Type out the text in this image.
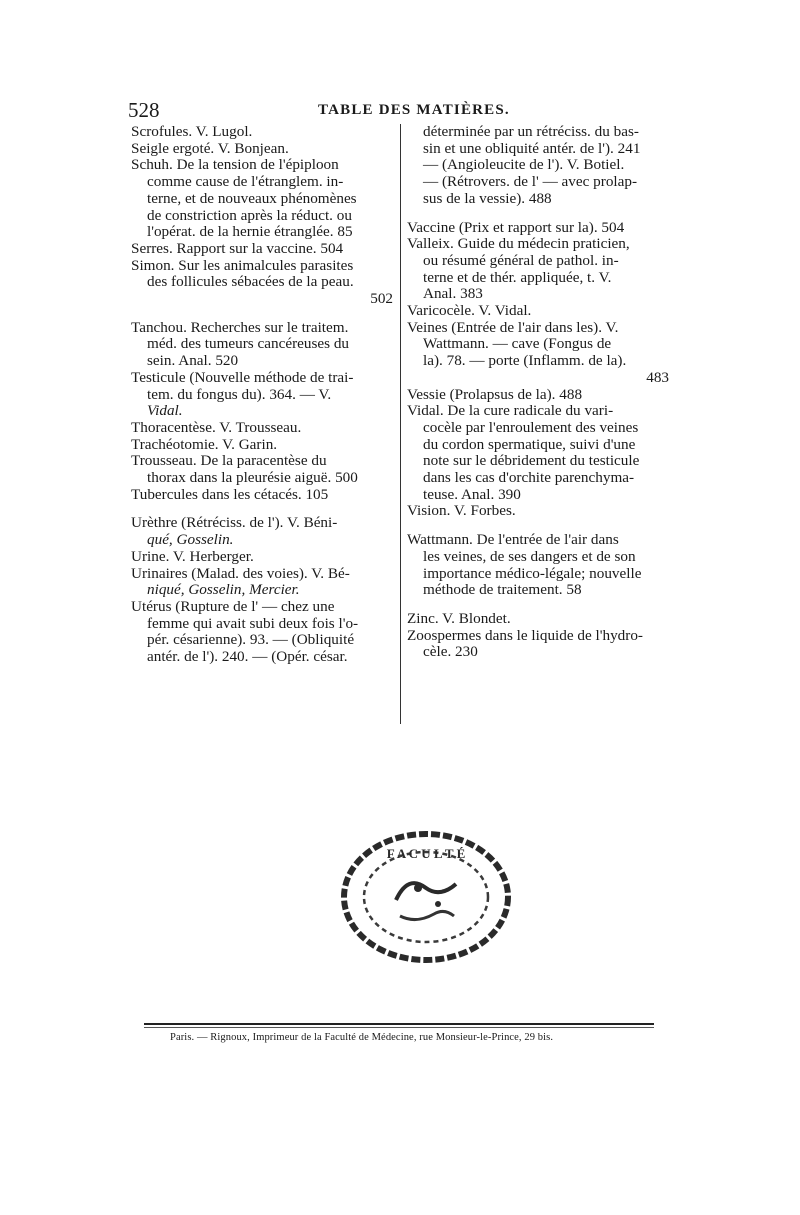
528	TABLE DES MATIÈRES.

Scrofules. V. Lugol.

Seigle ergoté. V. Bonjean.

Schuh. De la tension de l'épiploon
comme cause de l'étranglem. in-
terne, et de nouveaux phénomènes
de constriction après la réduct. ou
l'opérat. de la hernie étranglée. 85

Serres. Rapport sur la vaccine. 504

Simon. Sur les animalcules parasites
des follicules sébacées de la peau.
502

Tanchou. Recherches sur le traitem.
méd. des tumeurs cancéreuses du
sein. Anal. 520

Testicule (Nouvelle méthode de trai-
tem. du fongus du). 364. — V.
Vidal.

Thoracentèse. V. Trousseau.

Trachéotomie. V. Garin.

Trousseau. De la paracentèse du
thorax dans la pleurésie aiguë. 500

Tubercules dans les cétacés. 105

Urèthre (Rétréciss. de l'). V. Béni-
qué, Gosselin.

Urine. V. Herberger.

Urinaires (Malad. des voies). V. Bé-
niqué, Gosselin, Mercier.

Utérus (Rupture de l' — chez une
femme qui avait subi deux fois l'o-
pér. césarienne). 93. — (Obliquité
antér. de l'). 240. — (Opér. césar.

déterminée par un rétréciss. du bas-
sin et une obliquité antér. de l'). 241
— (Angioleucite de l'). V. Botiel.
— (Rétrovers. de l' — avec prolap-
sus de la vessie). 488

Vaccine (Prix et rapport sur la). 504

Valleix. Guide du médecin praticien,
ou résumé général de pathol. in-
terne et de thér. appliquée, t. V.
Anal. 383

Varicocèle. V. Vidal.

Veines (Entrée de l'air dans les). V.
Wattmann. — cave (Fongus de
la). 78. — porte (Inflamm. de la).
483

Vessie (Prolapsus de la). 488

Vidal. De la cure radicale du vari-
cocèle par l'enroulement des veines
du cordon spermatique, suivi d'une
note sur le débridement du testicule
dans les cas d'orchite parenchyma-
teuse. Anal. 390

Vision. V. Forbes.

Wattmann. De l'entrée de l'air dans
les veines, de ses dangers et de son
importance médico-légale; nouvelle
méthode de traitement. 58

Zinc. V. Blondet.

Zoospermes dans le liquide de l'hydro-
cèle. 230

F A C U L T É
Paris. — Rignoux, Imprimeur de la Faculté de Médecine, rue Monsieur-le-Prince, 29 bis.
